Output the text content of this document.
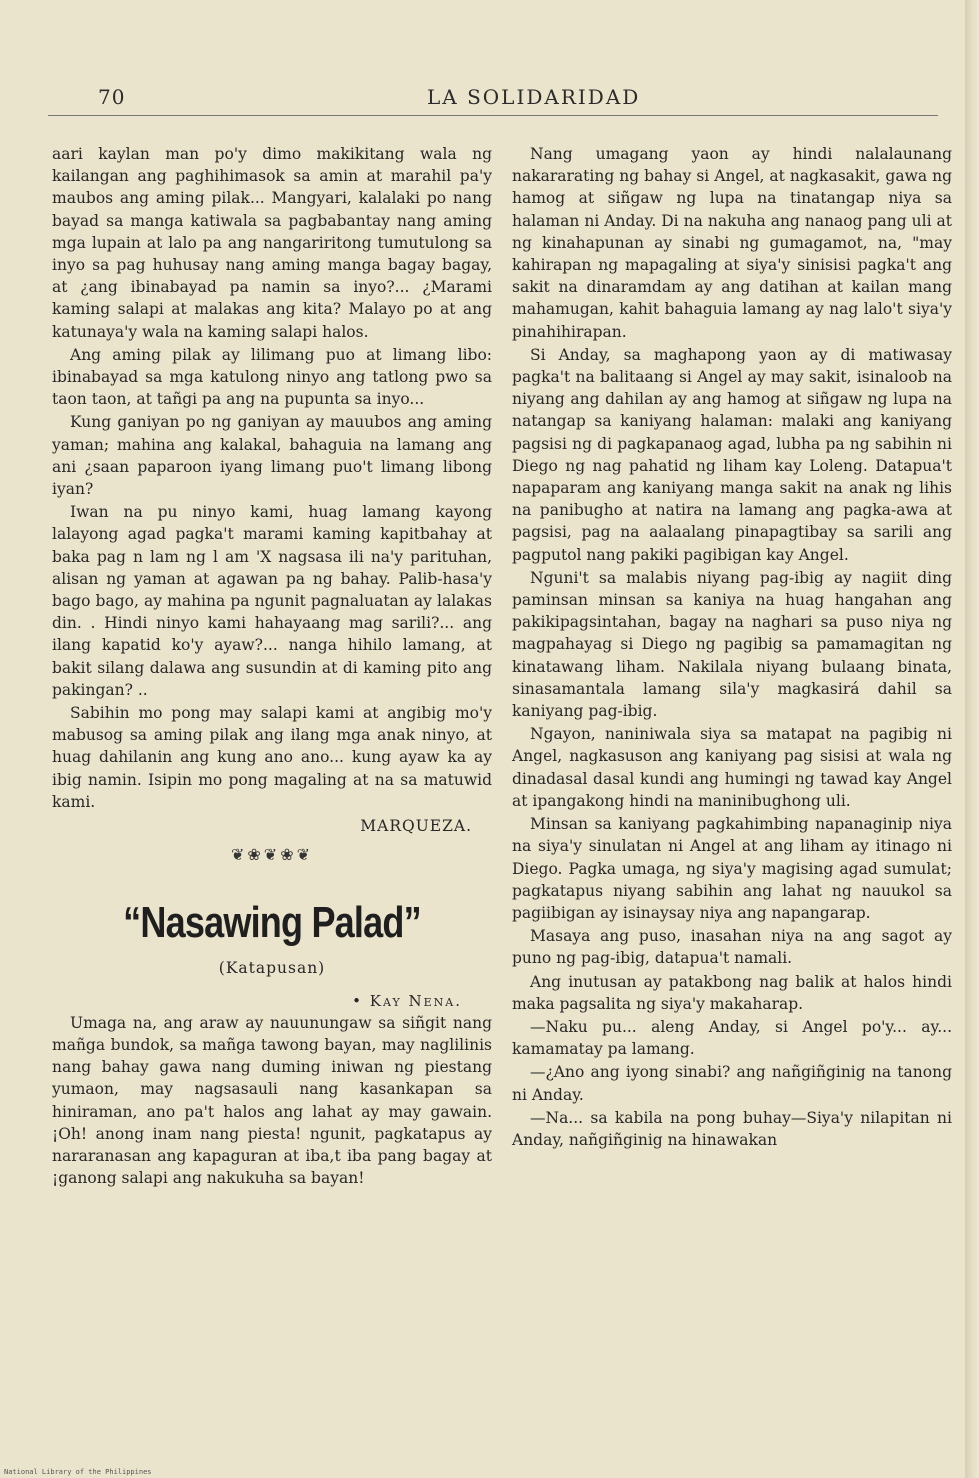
70	LA SOLIDARIDAD

aari kaylan man po'y dimo makikitang wala ng kailangan ang paghihimasok sa amin at marahil pa'y maubos ang aming pilak... Mangyari, kalalaki po nang bayad sa manga katiwala sa pagbabantay nang aming mga lupain at lalo pa ang nangariritong tumutulong sa inyo sa pag huhusay nang aming manga bagay bagay, at ¿ang ibinabayad pa namin sa inyo?... ¿Marami kaming salapi at malakas ang kita? Malayo po at ang katunaya'y wala na kaming salapi halos.

Ang aming pilak ay lilimang puo at limang libo: ibinabayad sa mga katulong ninyo ang tatlong pwo sa taon taon, at tañgi pa ang na pupunta sa inyo...

Kung ganiyan po ng ganiyan ay mauubos ang aming yaman; mahina ang kalakal, bahaguia na lamang ang ani ¿saan paparoon iyang limang puo't limang libong iyan?

Iwan na pu ninyo kami, huag lamang kayong lalayong agad pagka't marami kaming kapitbahay at baka pag n lam ng l am 'X nagsasa ili na'y parituhan, alisan ng yaman at agawan pa ng bahay. Palib-hasa'y bago bago, ay mahina pa ngunit pagnaluatan ay lalakas din. . Hindi ninyo kami hahayaang mag sarili?... ang ilang kapatid ko'y ayaw?... nanga hihilo lamang, at bakit silang dalawa ang susundin at di kaming pito ang pakingan? ..

Sabihin mo pong may salapi kami at angibig mo'y mabusog sa aming pilak ang ilang mga anak ninyo, at huag dahilanin ang kung ano ano... kung ayaw ka ay ibig namin. Isipin mo pong magaling at na sa matuwid kami.

MARQUEZA.
❦❀❦❀❦
“Nasawing Palad”
(Katapusan)
• Kay Nena.

Umaga na, ang araw ay nauunungaw sa siñgit nang mañga bundok, sa mañga tawong bayan, may naglilinis nang bahay gawa nang duming iniwan ng piestang yumaon, may nagsasauli nang kasankapan sa hiniraman, ano pa't halos ang lahat ay may gawain. ¡Oh! anong inam nang piesta! ngunit, pagkatapus ay nararanasan ang kapaguran at iba,t iba pang bagay at ¡ganong salapi ang nakukuha sa bayan!

Nang umagang yaon ay hindi nalalaunang nakararating ng bahay si Angel, at nagkasakit, gawa ng hamog at siñgaw ng lupa na tinatangap niya sa halaman ni Anday. Di na nakuha ang nanaog pang uli at ng kinahapunan ay sinabi ng gumagamot, na, "may kahirapan ng mapagaling at siya'y sinisisi pagka't ang sakit na dinaramdam ay ang datihan at kailan mang mahamugan, kahit bahaguia lamang ay nag lalo't siya'y pinahihirapan.

Si Anday, sa maghapong yaon ay di matiwasay pagka't na balitaang si Angel ay may sakit, isinaloob na niyang ang dahilan ay ang hamog at siñgaw ng lupa na natangap sa kaniyang halaman: malaki ang kaniyang pagsisi ng di pagkapanaog agad, lubha pa ng sabihin ni Diego ng nag pahatid ng liham kay Loleng. Datapua't napaparam ang kaniyang manga sakit na anak ng lihis na panibugho at natira na lamang ang pagka-awa at pagsisi, pag na aalaalang pinapagtibay sa sarili ang pagputol nang pakiki pagibigan kay Angel.

Nguni't sa malabis niyang pag-ibig ay nagiit ding paminsan minsan sa kaniya na huag hangahan ang pakikipagsintahan, bagay na naghari sa puso niya ng magpahayag si Diego ng pagibig sa pamamagitan ng kinatawang liham. Nakilala niyang bulaang binata, sinasamantala lamang sila'y magkasirá dahil sa kaniyang pag-ibig.

Ngayon, naniniwala siya sa matapat na pagibig ni Angel, nagkasuson ang kaniyang pag sisisi at wala ng dinadasal dasal kundi ang humingi ng tawad kay Angel at ipangakong hindi na maninibughong uli.

Minsan sa kaniyang pagkahimbing napanaginip niya na siya'y sinulatan ni Angel at ang liham ay itinago ni Diego. Pagka umaga, ng siya'y magising agad sumulat; pagkatapus niyang sabihin ang lahat ng nauukol sa pagiibigan ay isinaysay niya ang napangarap.

Masaya ang puso, inasahan niya na ang sagot ay puno ng pag-ibig, datapua't namali.

Ang inutusan ay patakbong nag balik at halos hindi maka pagsalita ng siya'y makaharap.

—Naku pu... aleng Anday, si Angel po'y... ay... kamamatay pa lamang.

—¿Ano ang iyong sinabi? ang nañgiñginig na tanong ni Anday.

—Na... sa kabila na pong buhay—Siya'y nilapitan ni Anday, nañgiñginig na hinawakan

National Library of the Philippines
